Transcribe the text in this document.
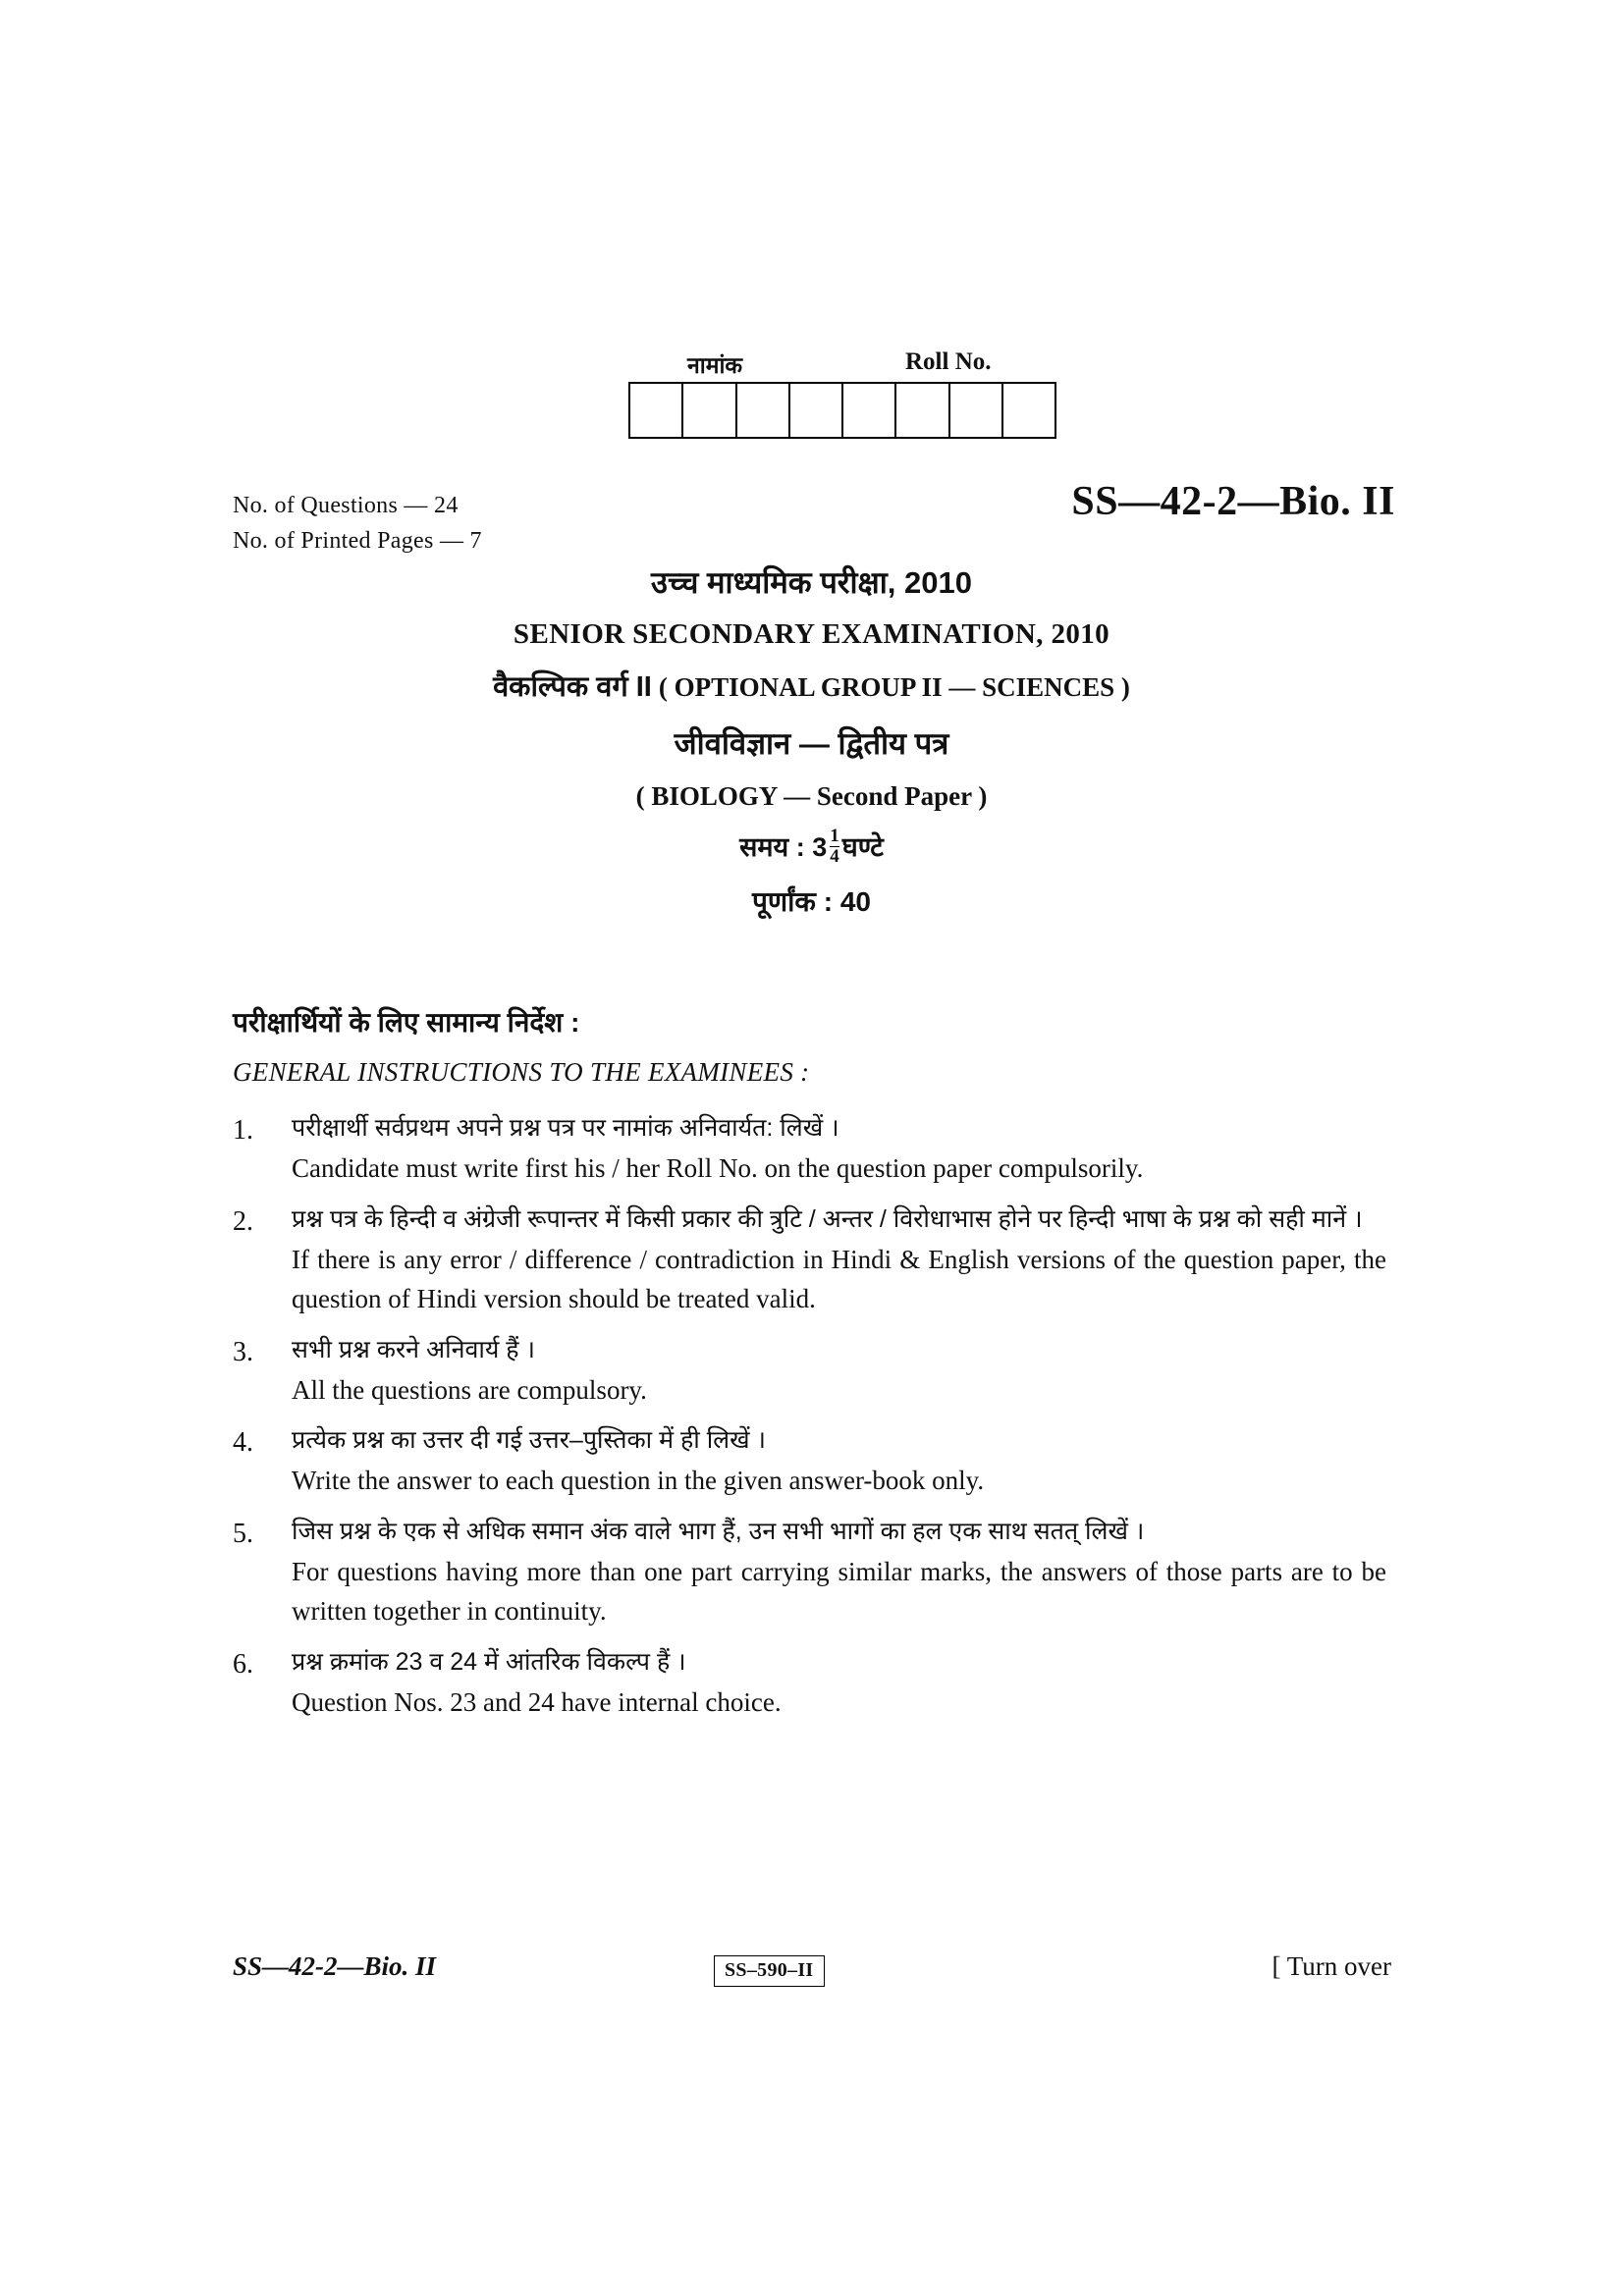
नामांक	Roll No.
No. of Questions — 24
No. of Printed Pages — 7
SS—42-2—Bio. II
उच्च माध्यमिक परीक्षा, 2010
SENIOR SECONDARY EXAMINATION, 2010
वैकल्पिक वर्ग II ( OPTIONAL GROUP II — SCIENCES )
जीवविज्ञान — द्वितीय पत्र
( BIOLOGY — Second Paper )
समय : $3 \frac{1}{4}$ घण्टे
पूर्णांक : 40
परीक्षार्थियों के लिए सामान्य निर्देश :
GENERAL INSTRUCTIONS TO THE EXAMINEES :
1.	परीक्षार्थी सर्वप्रथम अपने प्रश्न पत्र पर नामांक अनिवार्यत: लिखें ।
Candidate must write first his / her Roll No. on the question paper compulsorily.
2.	प्रश्न पत्र के हिन्दी व अंग्रेजी रूपान्तर में किसी प्रकार की त्रुटि / अन्तर / विरोधाभास होने पर हिन्दी भाषा के प्रश्न को सही मानें ।
If there is any error / difference / contradiction in Hindi & English versions of the question paper, the question of Hindi version should be treated valid.
3.	सभी प्रश्न करने अनिवार्य हैं ।
All the questions are compulsory.
4.	प्रत्येक प्रश्न का उत्तर दी गई उत्तर–पुस्तिका में ही लिखें ।
Write the answer to each question in the given answer-book only.
5.	जिस प्रश्न के एक से अधिक समान अंक वाले भाग हैं, उन सभी भागों का हल एक साथ सतत् लिखें ।
For questions having more than one part carrying similar marks, the answers of those parts are to be written together in continuity.
6.	प्रश्न क्रमांक 23 व 24 में आंतरिक विकल्प हैं ।
Question Nos. 23 and 24 have internal choice.
SS—42-2—Bio. II	SS–590–II	[ Turn over
